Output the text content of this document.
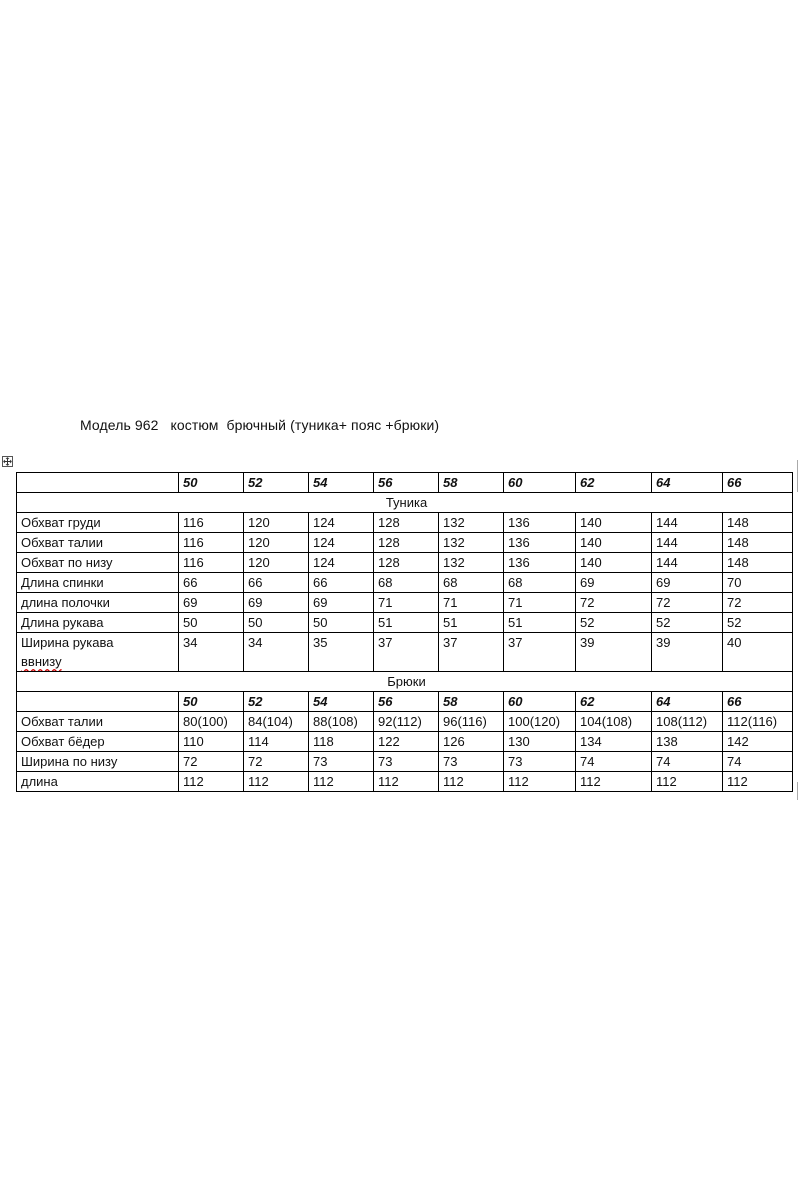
Модель 962   костюм  брючный (туника+ пояс +брюки)
	50	52	54	56	58	60	62	64	66
Туника									
Обхват груди	116	120	124	128	132	136	140	144	148
Обхват талии	116	120	124	128	132	136	140	144	148
Обхват по низу	116	120	124	128	132	136	140	144	148
Длина спинки	66	66	66	68	68	68	69	69	70
длина полочки	69	69	69	71	71	71	72	72	72
Длина рукава	50	50	50	51	51	51	52	52	52
Ширина рукава
ввнизу	34	34	35	37	37	37	39	39	40
Брюки									
	50	52	54	56	58	60	62	64	66
Обхват талии	80(100)	84(104)	88(108)	92(112)	96(116)	100(120)	104(108)	108(112)	112(116)
Обхват бёдер	110	114	118	122	126	130	134	138	142
Ширина по низу	72	72	73	73	73	73	74	74	74
длина	112	112	112	112	112	112	112	112	112
